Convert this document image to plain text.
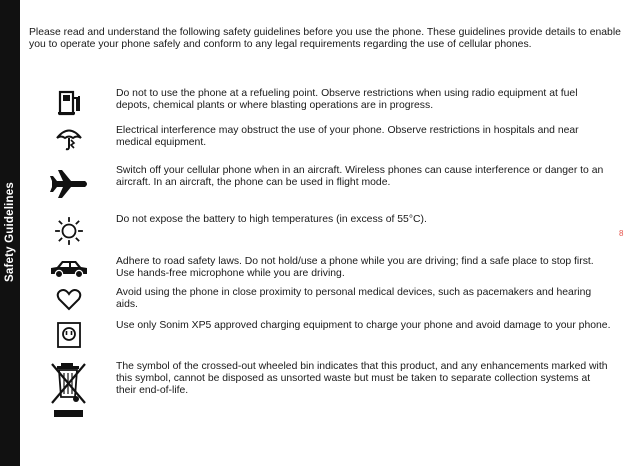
Safety Guidelines
Please read and understand the following safety guidelines before you use the phone. These guidelines provide details to enable you to operate your phone safely and conform to any legal requirements regarding the use of cellular phones.
Do not to use the phone at a refueling point. Observe restrictions when using radio equipment at fuel depots, chemical plants or where blasting operations are in progress.
Electrical interference may obstruct the use of your phone. Observe restrictions in hospitals and near medical equipment.
Switch off your cellular phone when in an aircraft. Wireless phones can cause interference or danger to an aircraft. In an aircraft, the phone can be used in flight mode.
Do not expose the battery to high temperatures (in excess of 55°C).
Adhere to road safety laws. Do not hold/use a phone while you are driving; find a safe place to stop first. Use hands-free microphone while you are driving.
Avoid using the phone in close proximity to personal medical devices, such as pacemakers and hearing aids.
Use only Sonim XP5 approved charging equipment to charge your phone and avoid damage to your phone.
The symbol of the crossed-out wheeled bin indicates that this product, and any enhancements marked with this symbol, cannot be disposed as unsorted waste but must be taken to separate collection systems at their end-of-life.
8
